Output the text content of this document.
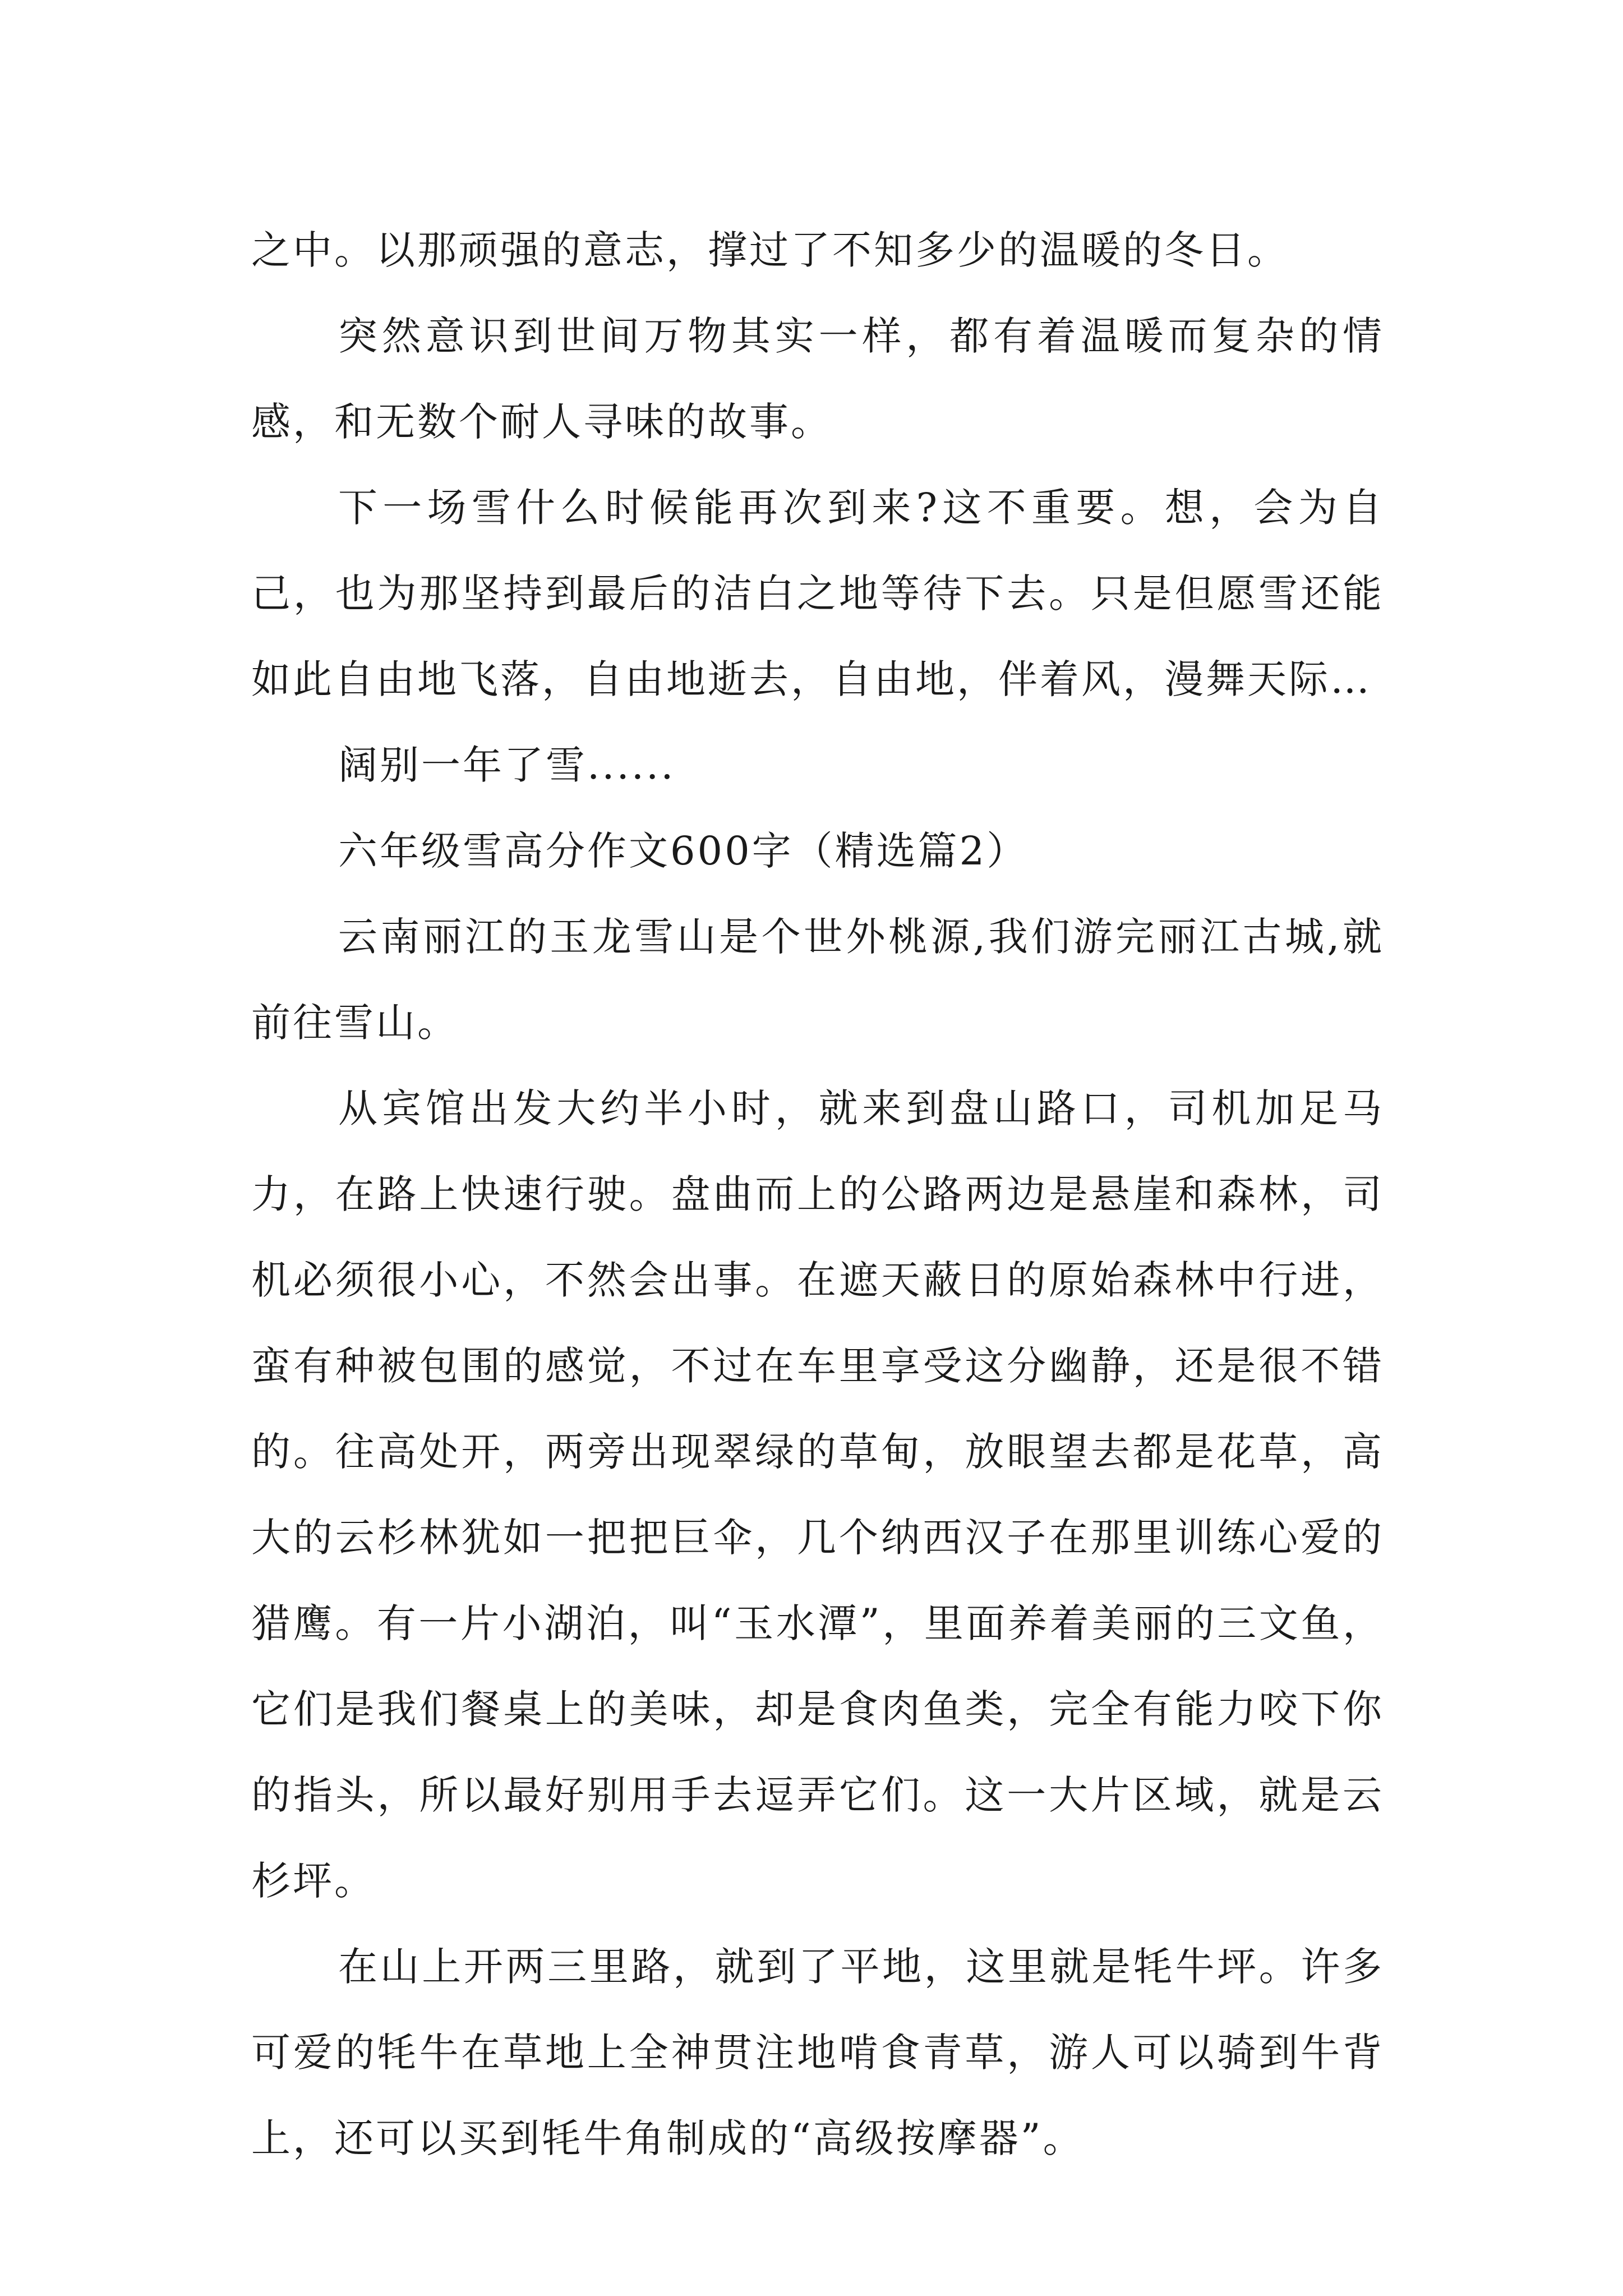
之中。以那顽强的意志，撑过了不知多少的温暖的冬日。

突然意识到世间万物其实一样，都有着温暖而复杂的情感，和无数个耐人寻味的故事。

下一场雪什么时候能再次到来?这不重要。想，会为自己，也为那坚持到最后的洁白之地等待下去。只是但愿雪还能如此自由地飞落，自由地逝去，自由地，伴着风，漫舞天际…

阔别一年了雪......

六年级雪高分作文600字（精选篇2）

云南丽江的玉龙雪山是个世外桃源,我们游完丽江古城,就前往雪山。

从宾馆出发大约半小时，就来到盘山路口，司机加足马力，在路上快速行驶。盘曲而上的公路两边是悬崖和森林，司机必须很小心，不然会出事。在遮天蔽日的原始森林中行进，蛮有种被包围的感觉，不过在车里享受这分幽静，还是很不错的。往高处开，两旁出现翠绿的草甸，放眼望去都是花草，高大的云杉林犹如一把把巨伞，几个纳西汉子在那里训练心爱的猎鹰。有一片小湖泊，叫“玉水潭”，里面养着美丽的三文鱼，它们是我们餐桌上的美味，却是食肉鱼类，完全有能力咬下你的指头，所以最好别用手去逗弄它们。这一大片区域，就是云杉坪。

在山上开两三里路，就到了平地，这里就是牦牛坪。许多可爱的牦牛在草地上全神贯注地啃食青草，游人可以骑到牛背上，还可以买到牦牛角制成的“高级按摩器”。
